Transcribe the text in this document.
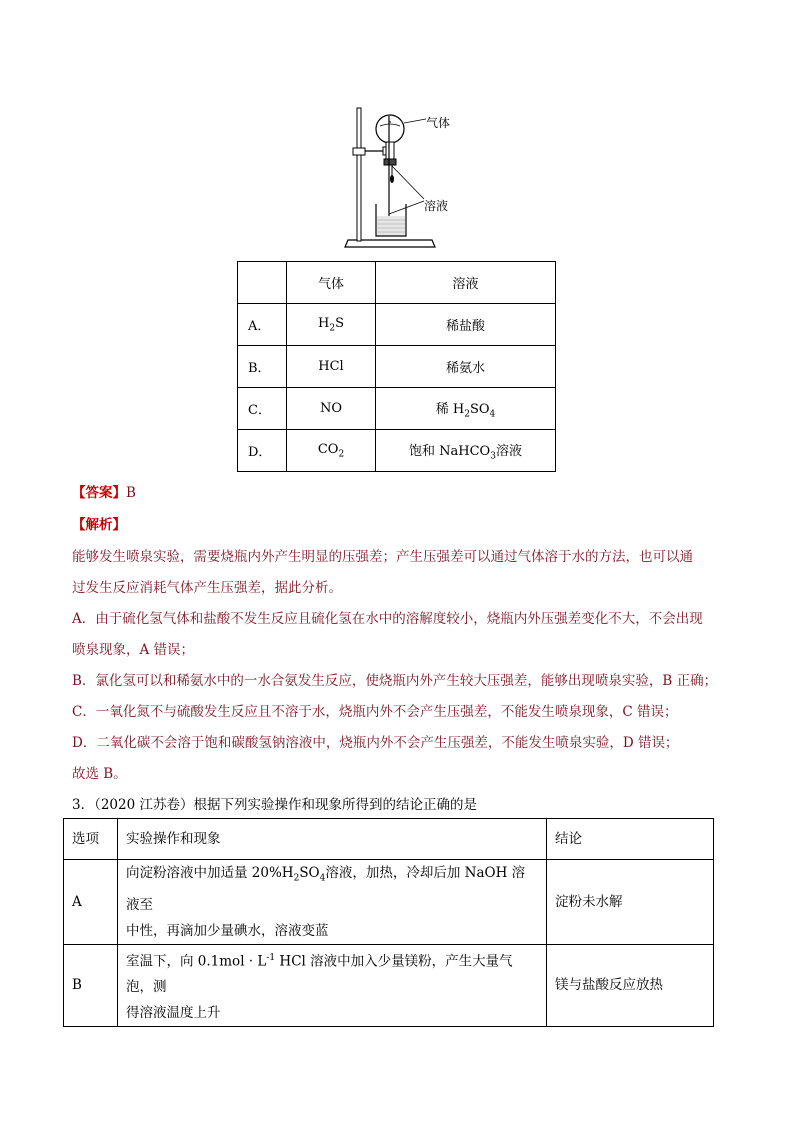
气体
溶液
	气体	溶液
A．	$H_2S$	稀盐酸
B．	HCl	稀氨水
C．	NO	稀 $H_2SO_4$
D．	$CO_2$	饱和 NaHCO$_3$溶液
【答案】B
【解析】
能够发生喷泉实验，需要烧瓶内外产生明显的压强差；产生压强差可以通过气体溶于水的方法，也可以通
过发生反应消耗气体产生压强差，据此分析。
A．由于硫化氢气体和盐酸不发生反应且硫化氢在水中的溶解度较小，烧瓶内外压强差变化不大，不会出现
喷泉现象，A 错误；
B．氯化氢可以和稀氨水中的一水合氨发生反应，使烧瓶内外产生较大压强差，能够出现喷泉实验，B 正确；
C．一氧化氮不与硫酸发生反应且不溶于水，烧瓶内外不会产生压强差，不能发生喷泉现象，C 错误；
D．二氧化碳不会溶于饱和碳酸氢钠溶液中，烧瓶内外不会产生压强差，不能发生喷泉实验，D 错误；
故选 B。
3．（2020 江苏卷）根据下列实验操作和现象所得到的结论正确的是
选项	实验操作和现象	结论
A	向淀粉溶液中加适量 $20\%H_2SO_4$溶液，加热，冷却后加 NaOH 溶液至
中性，再滴加少量碘水，溶液变蓝	淀粉未水解
B	室温下，向 $0.1mol \cdot L^{-1}$ HCl 溶液中加入少量镁粉，产生大量气泡，测
得溶液温度上升	镁与盐酸反应放热
